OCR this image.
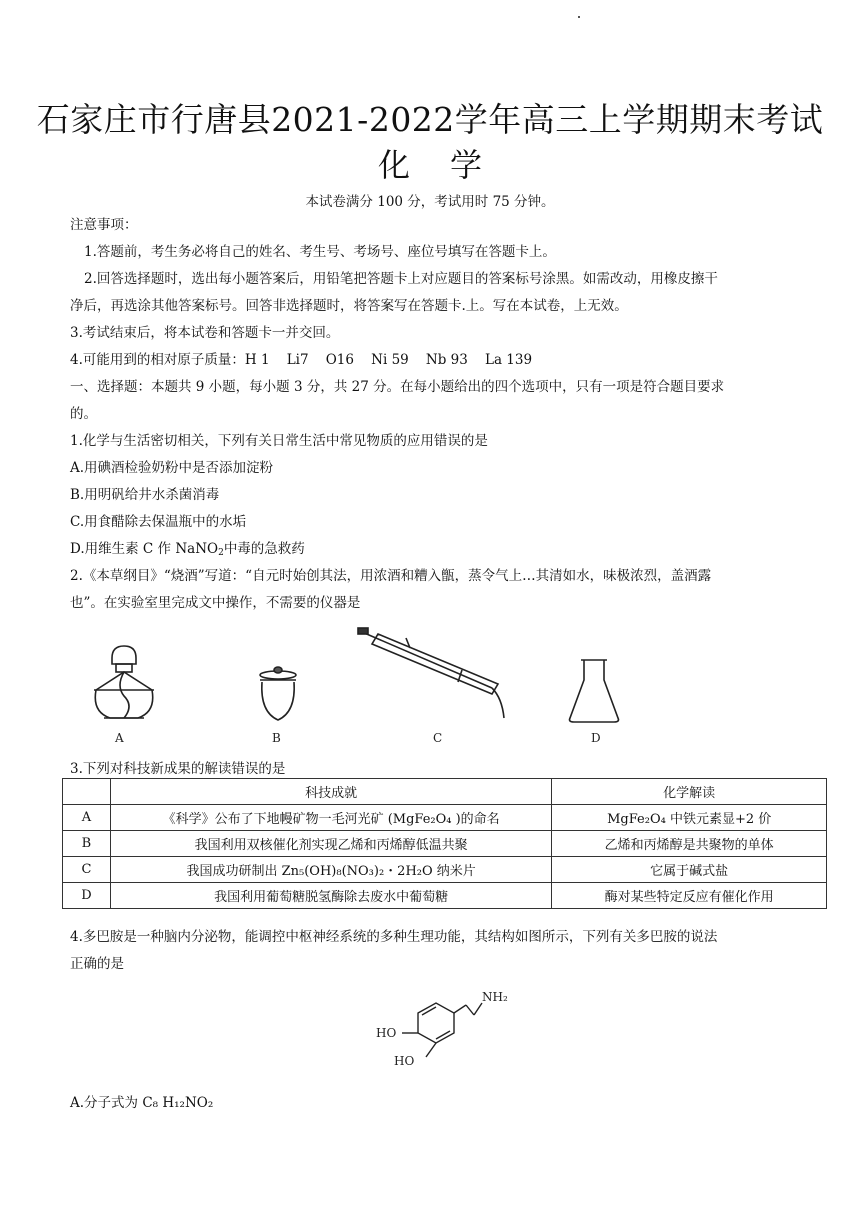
石家庄市行唐县2021-2022学年高三上学期期末考试
化学
本试卷满分 100 分，考试用时 75 分钟。
注意事项：
1.答题前，考生务必将自己的姓名、考生号、考场号、座位号填写在答题卡上。
2.回答选择题时，选出每小题答案后，用铅笔把答题卡上对应题目的答案标号涂黑。如需改动，用橡皮擦干
净后，再选涂其他答案标号。回答非选择题时，将答案写在答题卡.上。写在本试卷，上无效。
3.考试结束后，将本试卷和答题卡一并交回。
4.可能用到的相对原子质量：H 1    Li7    O16    Ni 59    Nb 93    La 139
一、选择题：本题共 9 小题，每小题 3 分，共 27 分。在每小题给出的四个选项中，只有一项是符合题目要求
的。
1.化学与生活密切相关，下列有关日常生活中常见物质的应用错误的是
A.用碘酒检验奶粉中是否添加淀粉
B.用明矾给井水杀菌消毒
C.用食醋除去保温瓶中的水垢
D.用维生素 C 作 NaNO$_2$中毒的急救药
2.《本草纲目》“烧酒”写道：“自元时始创其法，用浓酒和糟入甑，蒸令气上…其清如水，味极浓烈，盖酒露
也”。在实验室里完成文中操作，不需要的仪器是
A	B	C	D
3.下列对科技新成果的解读错误的是
	科技成就	化学解读
A	《科学》公布了下地幔矿物一毛河光矿 (MgFe₂O₄ )的命名	MgFe₂O₄ 中铁元素显+2 价
B	我国利用双核催化剂实现乙烯和丙烯醇低温共聚	乙烯和丙烯醇是共聚物的单体
C	我国成功研制出 Zn₅(OH)₈(NO₃)₂・2H₂O 纳米片	它属于碱式盐
D	我国利用葡萄糖脱氢酶除去废水中葡萄糖	酶对某些特定反应有催化作用
4.多巴胺是一种脑内分泌物，能调控中枢神经系统的多种生理功能，其结构如图所示，下列有关多巴胺的说法
正确的是
NH₂
HO
HO
A.分子式为 C₈ H₁₂NO₂
